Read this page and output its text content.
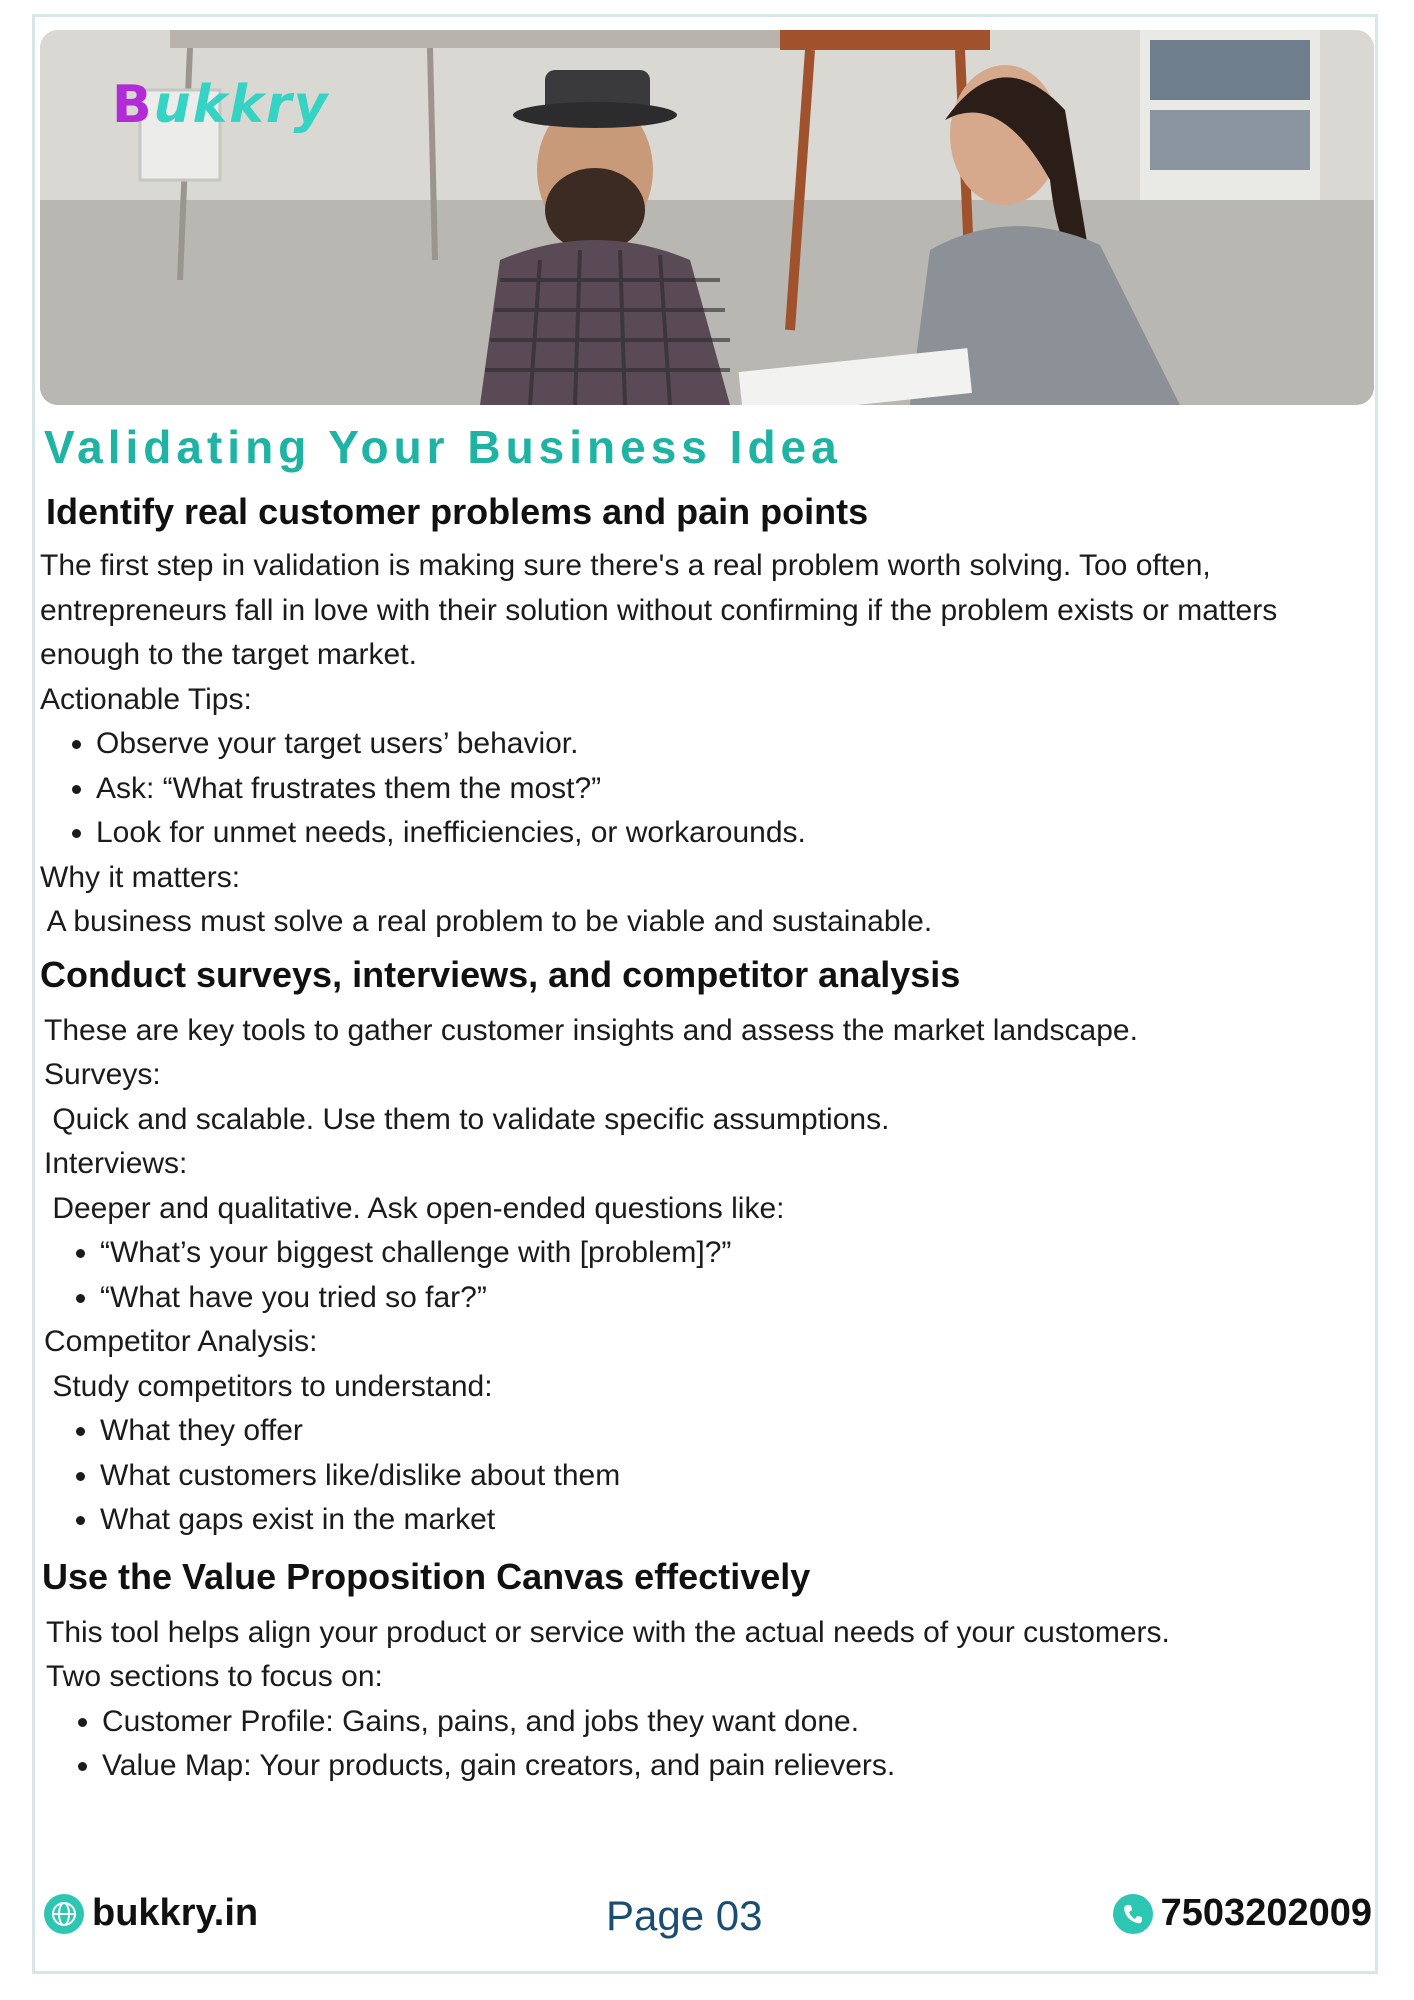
Bukkry
Validating Your Business Idea
Identify real customer problems and pain points

The first step in validation is making sure there's a real problem worth solving. Too often, entrepreneurs fall in love with their solution without confirming if the problem exists or matters enough to the target market.

Actionable Tips:

• Observe your target users’ behavior.
• Ask: “What frustrates them the most?”
• Look for unmet needs, inefficiencies, or workarounds.

Why it matters:

A business must solve a real problem to be viable and sustainable.

Conduct surveys, interviews, and competitor analysis

These are key tools to gather customer insights and assess the market landscape.

Surveys:

Quick and scalable. Use them to validate specific assumptions.

Interviews:

Deeper and qualitative. Ask open-ended questions like:

• “What’s your biggest challenge with [problem]?”
• “What have you tried so far?”

Competitor Analysis:

Study competitors to understand:

• What they offer
• What customers like/dislike about them
• What gaps exist in the market
Use the Value Proposition Canvas effectively

This tool helps align your product or service with the actual needs of your customers.

Two sections to focus on:

• Customer Profile: Gains, pains, and jobs they want done.
• Value Map: Your products, gain creators, and pain relievers.
bukkry.in	Page 03	7503202009
